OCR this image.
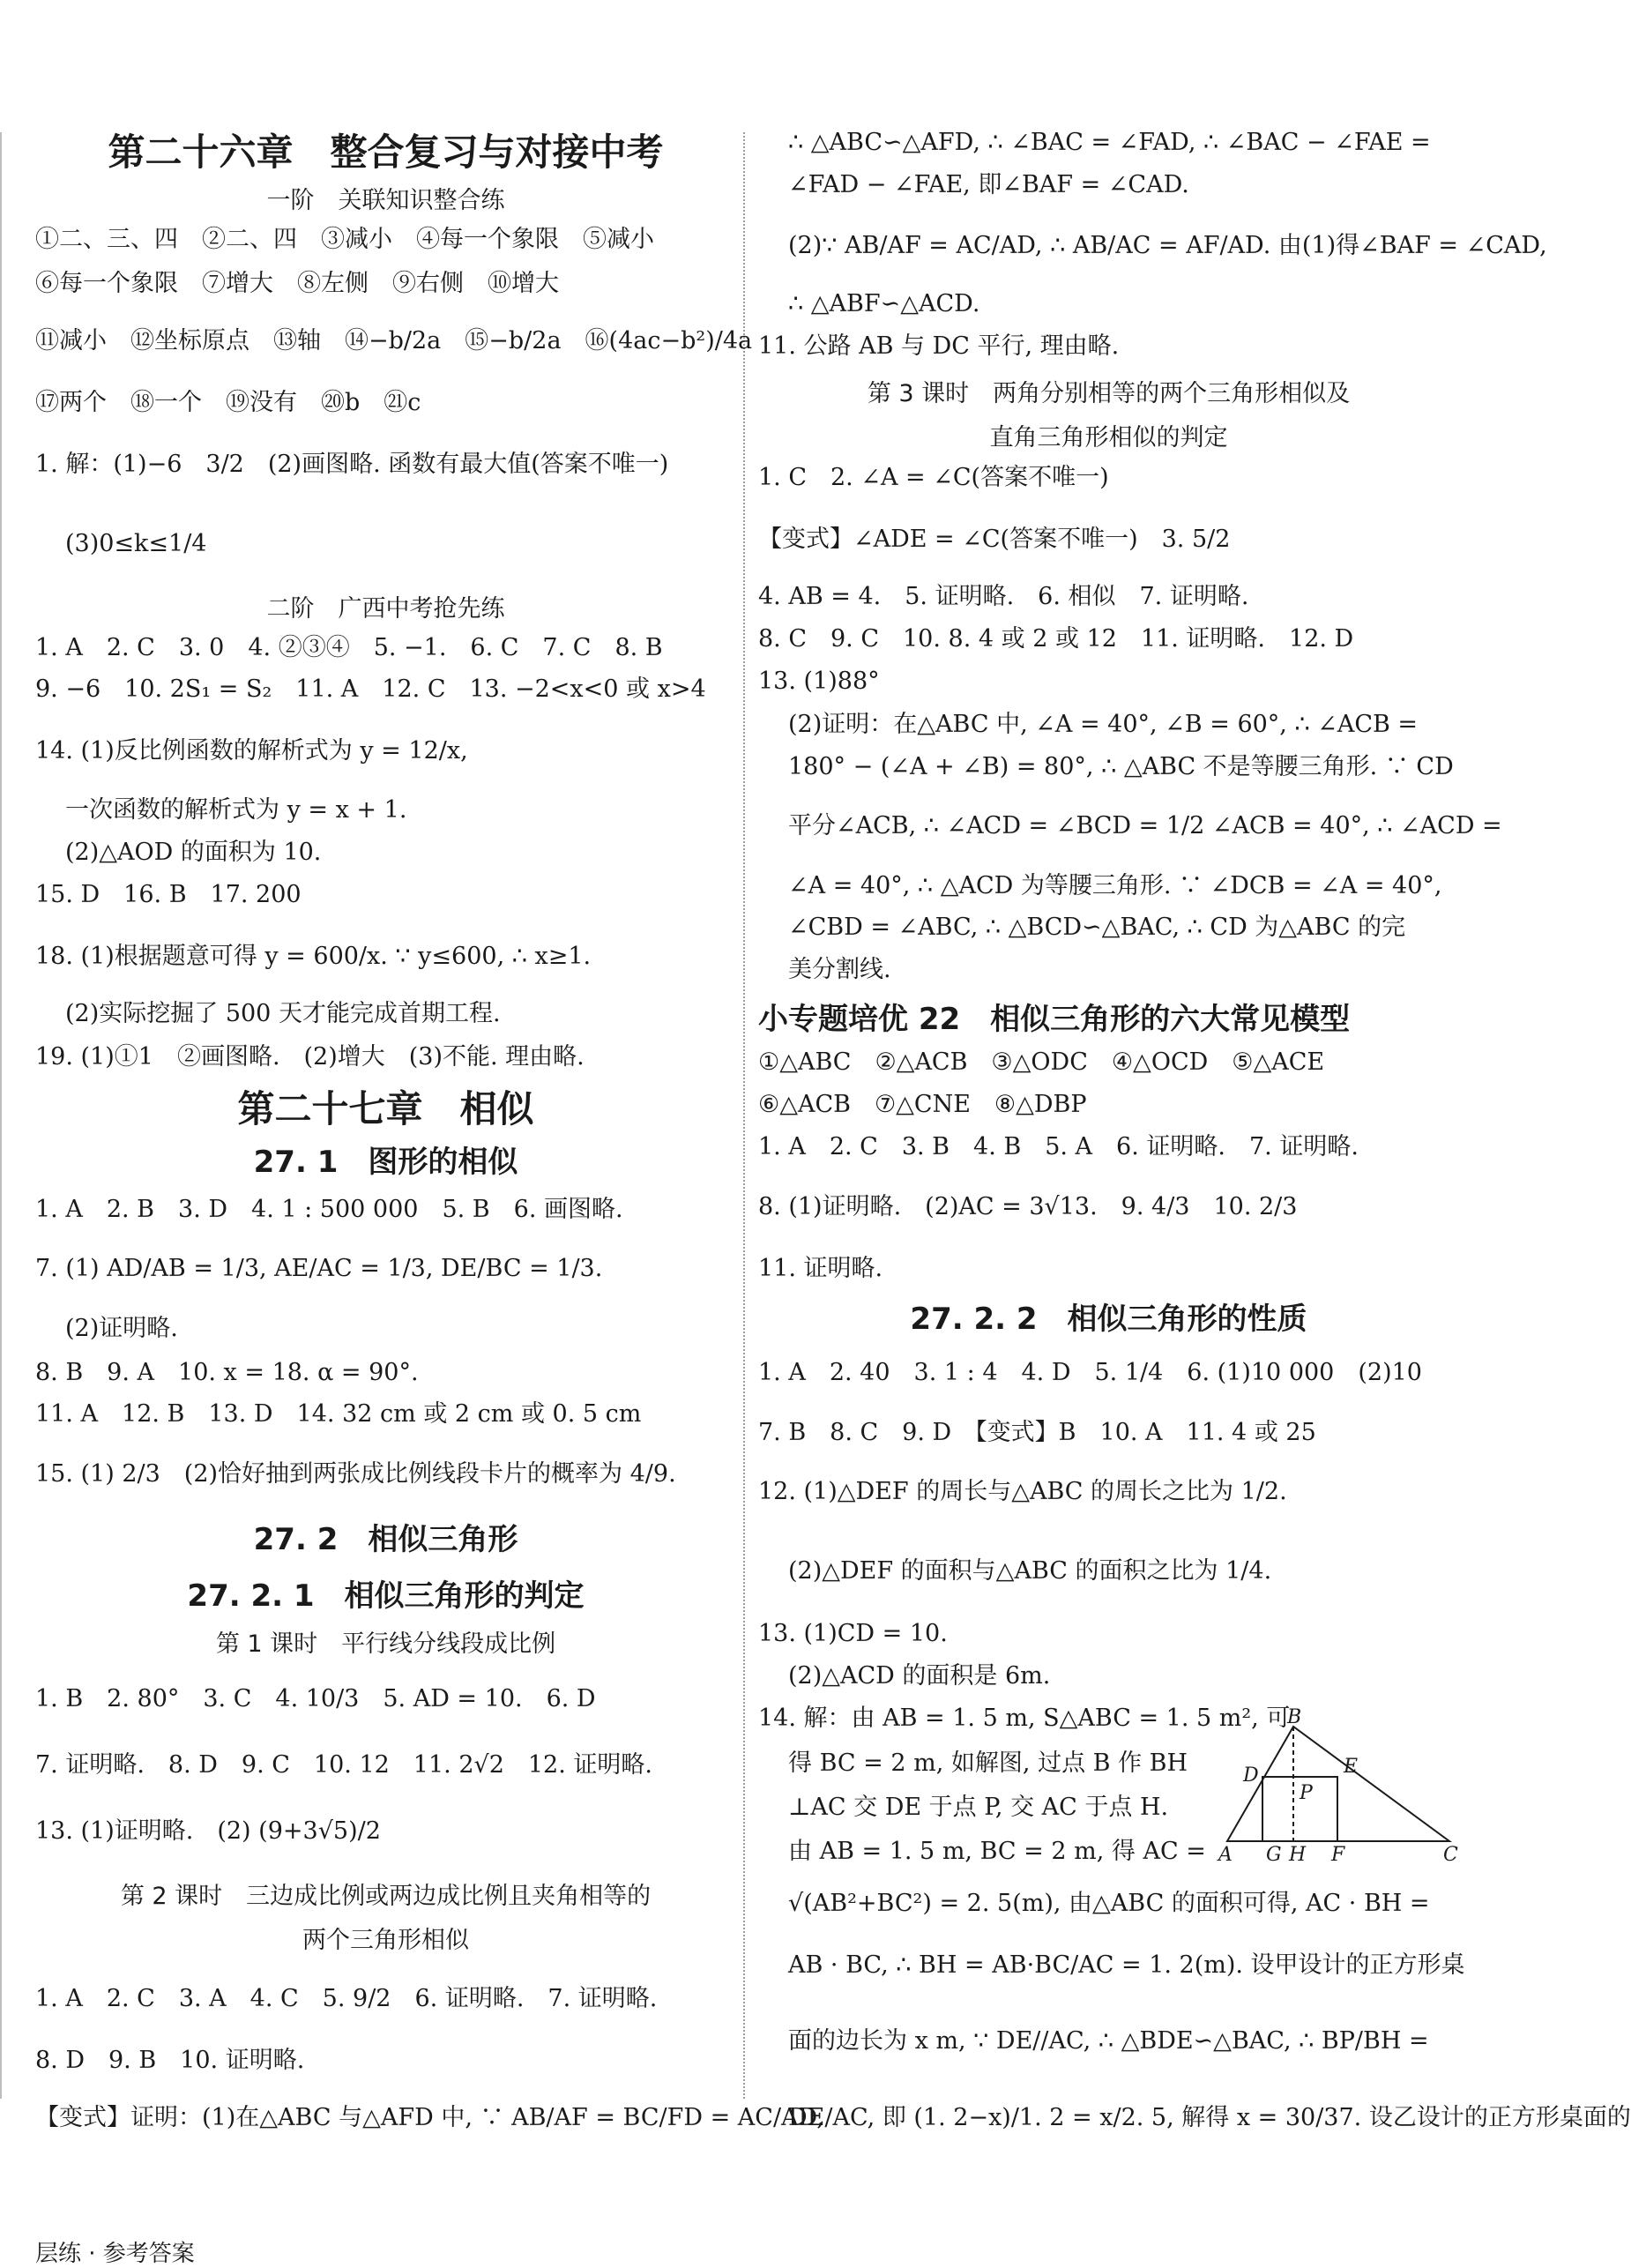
第二十六章　整合复习与对接中考
一阶　关联知识整合练
①二、三、四　②二、四　③减小　④每一个象限　⑤减小
⑥每一个象限　⑦增大　⑧左侧　⑨右侧　⑩增大
⑪减小　⑫坐标原点　⑬轴　⑭−b/2a　⑮−b/2a　⑯(4ac−b²)/4a
⑰两个　⑱一个　⑲没有　⑳b　㉑c
1. 解：(1)−6　3/2　(2)画图略. 函数有最大值(答案不唯一)
(3)0≤k≤1/4
二阶　广西中考抢先练
1. A　2. C　3. 0　4. ②③④　5. −1.　6. C　7. C　8. B
9. −6　10. 2S₁ = S₂　11. A　12. C　13. −2<x<0 或 x>4
14. (1)反比例函数的解析式为 y = 12/x,
一次函数的解析式为 y = x + 1.
(2)△AOD 的面积为 10.
15. D　16. B　17. 200
18. (1)根据题意可得 y = 600/x. ∵ y≤600, ∴ x≥1.
(2)实际挖掘了 500 天才能完成首期工程.
19. (1)①1　②画图略.　(2)增大　(3)不能. 理由略.
第二十七章　相似
27. 1　图形的相似
1. A　2. B　3. D　4. 1 : 500 000　5. B　6. 画图略.
7. (1) AD/AB = 1/3, AE/AC = 1/3, DE/BC = 1/3.
(2)证明略.
8. B　9. A　10. x = 18. α = 90°.
11. A　12. B　13. D　14. 32 cm 或 2 cm 或 0. 5 cm
15. (1) 2/3　(2)恰好抽到两张成比例线段卡片的概率为 4/9.
27. 2　相似三角形
27. 2. 1　相似三角形的判定
第 1 课时　平行线分线段成比例
1. B　2. 80°　3. C　4. 10/3　5. AD = 10.　6. D
7. 证明略.　8. D　9. C　10. 12　11. 2√2　12. 证明略.
13. (1)证明略.　(2) (9+3√5)/2
第 2 课时　三边成比例或两边成比例且夹角相等的
两个三角形相似
1. A　2. C　3. A　4. C　5. 9/2　6. 证明略.　7. 证明略.
8. D　9. B　10. 证明略.
【变式】证明：(1)在△ABC 与△AFD 中, ∵ AB/AF = BC/FD = AC/AD,
层练 · 参考答案
∴ △ABC∽△AFD, ∴ ∠BAC = ∠FAD, ∴ ∠BAC − ∠FAE =
∠FAD − ∠FAE, 即∠BAF = ∠CAD.
(2)∵ AB/AF = AC/AD, ∴ AB/AC = AF/AD. 由(1)得∠BAF = ∠CAD,
∴ △ABF∽△ACD.
11. 公路 AB 与 DC 平行, 理由略.
第 3 课时　两角分别相等的两个三角形相似及
直角三角形相似的判定
1. C　2. ∠A = ∠C(答案不唯一)
【变式】∠ADE = ∠C(答案不唯一)　3. 5/2
4. AB = 4.　5. 证明略.　6. 相似　7. 证明略.
8. C　9. C　10. 8. 4 或 2 或 12　11. 证明略.　12. D
13. (1)88°
(2)证明：在△ABC 中, ∠A = 40°, ∠B = 60°, ∴ ∠ACB =
180° − (∠A + ∠B) = 80°, ∴ △ABC 不是等腰三角形. ∵ CD
平分∠ACB, ∴ ∠ACD = ∠BCD = 1/2 ∠ACB = 40°, ∴ ∠ACD =
∠A = 40°, ∴ △ACD 为等腰三角形. ∵ ∠DCB = ∠A = 40°,
∠CBD = ∠ABC, ∴ △BCD∽△BAC, ∴ CD 为△ABC 的完
美分割线.
小专题培优 22　相似三角形的六大常见模型
①△ABC　②△ACB　③△ODC　④△OCD　⑤△ACE
⑥△ACB　⑦△CNE　⑧△DBP
1. A　2. C　3. B　4. B　5. A　6. 证明略.　7. 证明略.
8. (1)证明略.　(2)AC = 3√13.　9. 4/3　10. 2/3
11. 证明略.
27. 2. 2　相似三角形的性质
1. A　2. 40　3. 1 : 4　4. D　5. 1/4　6. (1)10 000　(2)10
7. B　8. C　9. D　【变式】B　10. A　11. 4 或 25
12. (1)△DEF 的周长与△ABC 的周长之比为 1/2.
(2)△DEF 的面积与△ABC 的面积之比为 1/4.
13. (1)CD = 10.
(2)△ACD 的面积是 6m.
14. 解：由 AB = 1. 5 m, S△ABC = 1. 5 m², 可
得 BC = 2 m, 如解图, 过点 B 作 BH
⊥AC 交 DE 于点 P, 交 AC 于点 H.
由 AB = 1. 5 m, BC = 2 m, 得 AC =
√(AB²+BC²) = 2. 5(m), 由△ABC 的面积可得, AC · BH =
AB · BC, ∴ BH = AB·BC/AC = 1. 2(m). 设甲设计的正方形桌
面的边长为 x m, ∵ DE//AC, ∴ △BDE∽△BAC, ∴ BP/BH =
DE/AC, 即 (1. 2−x)/1. 2 = x/2. 5, 解得 x = 30/37. 设乙设计的正方形桌面的
B
D	E
P
A G H F	C
